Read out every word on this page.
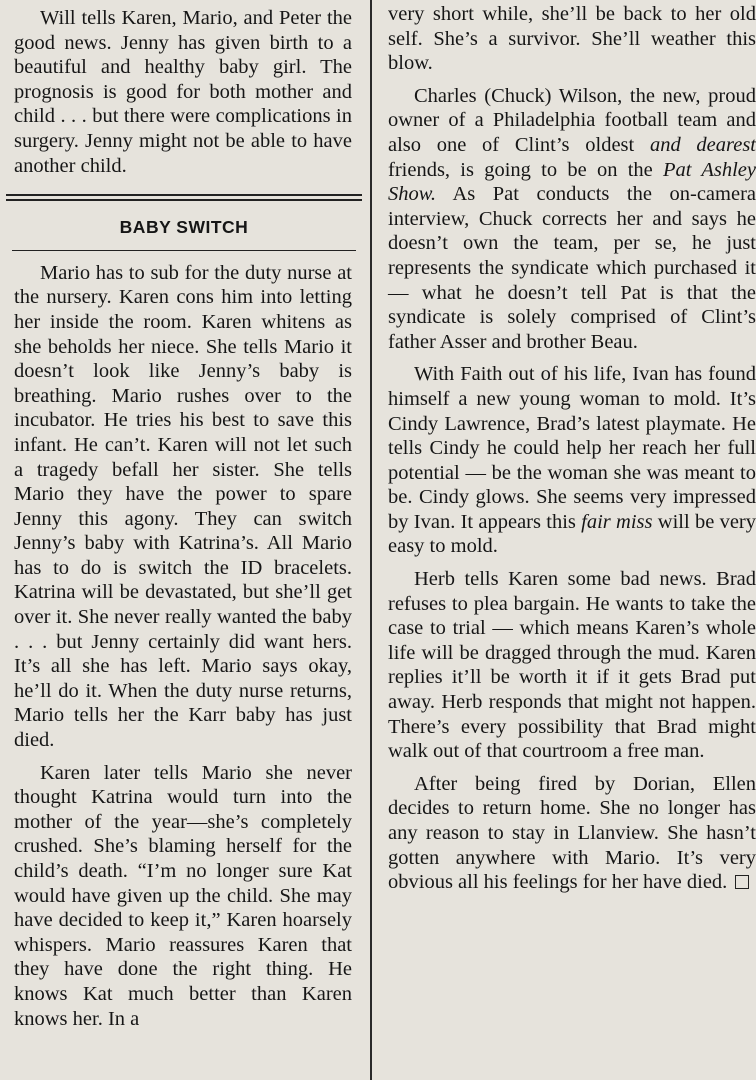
Will tells Karen, Mario, and Peter the good news. Jenny has given birth to a beautiful and healthy baby girl. The prognosis is good for both mother and child . . . but there were complications in surgery. Jenny might not be able to have another child.

BABY SWITCH

Mario has to sub for the duty nurse at the nursery. Karen cons him into letting her inside the room. Karen whitens as she beholds her niece. She tells Mario it doesn’t look like Jenny’s baby is breathing. Mario rushes over to the incubator. He tries his best to save this infant. He can’t. Karen will not let such a tragedy befall her sister. She tells Mario they have the power to spare Jenny this agony. They can switch Jenny’s baby with Katrina’s. All Mario has to do is switch the ID bracelets. Katrina will be devastated, but she’ll get over it. She never really wanted the baby . . . but Jenny certainly did want hers. It’s all she has left. Mario says okay, he’ll do it. When the duty nurse returns, Mario tells her the Karr baby has just died.

Karen later tells Mario she never thought Katrina would turn into the mother of the year—she’s completely crushed. She’s blaming herself for the child’s death. “I’m no longer sure Kat would have given up the child. She may have decided to keep it,” Karen hoarsely whispers. Mario reassures Karen that they have done the right thing. He knows Kat much better than Karen knows her. In a

very short while, she’ll be back to her old self. She’s a survivor. She’ll weather this blow.

Charles (Chuck) Wilson, the new, proud owner of a Philadelphia football team and also one of Clint’s oldest and dearest friends, is going to be on the Pat Ashley Show. As Pat conducts the on-camera interview, Chuck corrects her and says he doesn’t own the team, per se, he just represents the syndicate which purchased it — what he doesn’t tell Pat is that the syndicate is solely comprised of Clint’s father Asser and brother Beau.

With Faith out of his life, Ivan has found himself a new young woman to mold. It’s Cindy Lawrence, Brad’s latest playmate. He tells Cindy he could help her reach her full potential — be the woman she was meant to be. Cindy glows. She seems very impressed by Ivan. It appears this fair miss will be very easy to mold.

Herb tells Karen some bad news. Brad refuses to plea bargain. He wants to take the case to trial — which means Karen’s whole life will be dragged through the mud. Karen replies it’ll be worth it if it gets Brad put away. Herb responds that might not happen. There’s every possibility that Brad might walk out of that courtroom a free man.

After being fired by Dorian, Ellen decides to return home. She no longer has any reason to stay in Llanview. She hasn’t gotten anywhere with Mario. It’s very obvious all his feelings for her have died.
